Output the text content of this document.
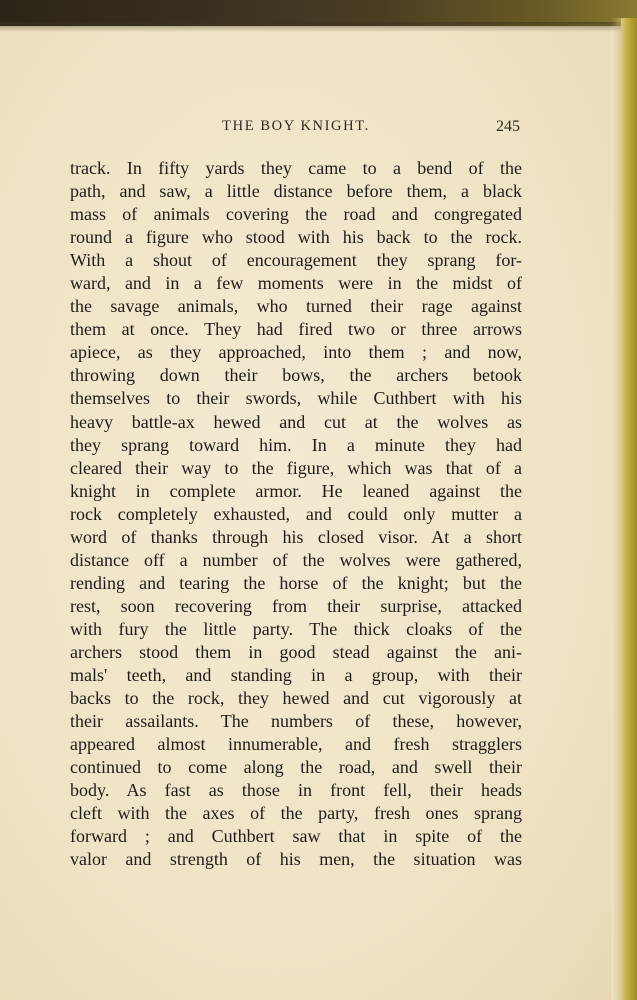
THE BOY KNIGHT.	245
track. In fifty yards they came to a bend of the
path, and saw, a little distance before them, a black
mass of animals covering the road and congregated
round a figure who stood with his back to the rock.
With a shout of encouragement they sprang for-
ward, and in a few moments were in the midst of
the savage animals, who turned their rage against
them at once. They had fired two or three arrows
apiece, as they approached, into them ; and now,
throwing down their bows, the archers betook
themselves to their swords, while Cuthbert with his
heavy battle-ax hewed and cut at the wolves as
they sprang toward him. In a minute they had
cleared their way to the figure, which was that of a
knight in complete armor. He leaned against the
rock completely exhausted, and could only mutter a
word of thanks through his closed visor. At a short
distance off a number of the wolves were gathered,
rending and tearing the horse of the knight; but the
rest, soon recovering from their surprise, attacked
with fury the little party. The thick cloaks of the
archers stood them in good stead against the ani-
mals' teeth, and standing in a group, with their
backs to the rock, they hewed and cut vigorously at
their assailants. The numbers of these, however,
appeared almost innumerable, and fresh stragglers
continued to come along the road, and swell their
body. As fast as those in front fell, their heads
cleft with the axes of the party, fresh ones sprang
forward ; and Cuthbert saw that in spite of the
valor and strength of his men, the situation was
